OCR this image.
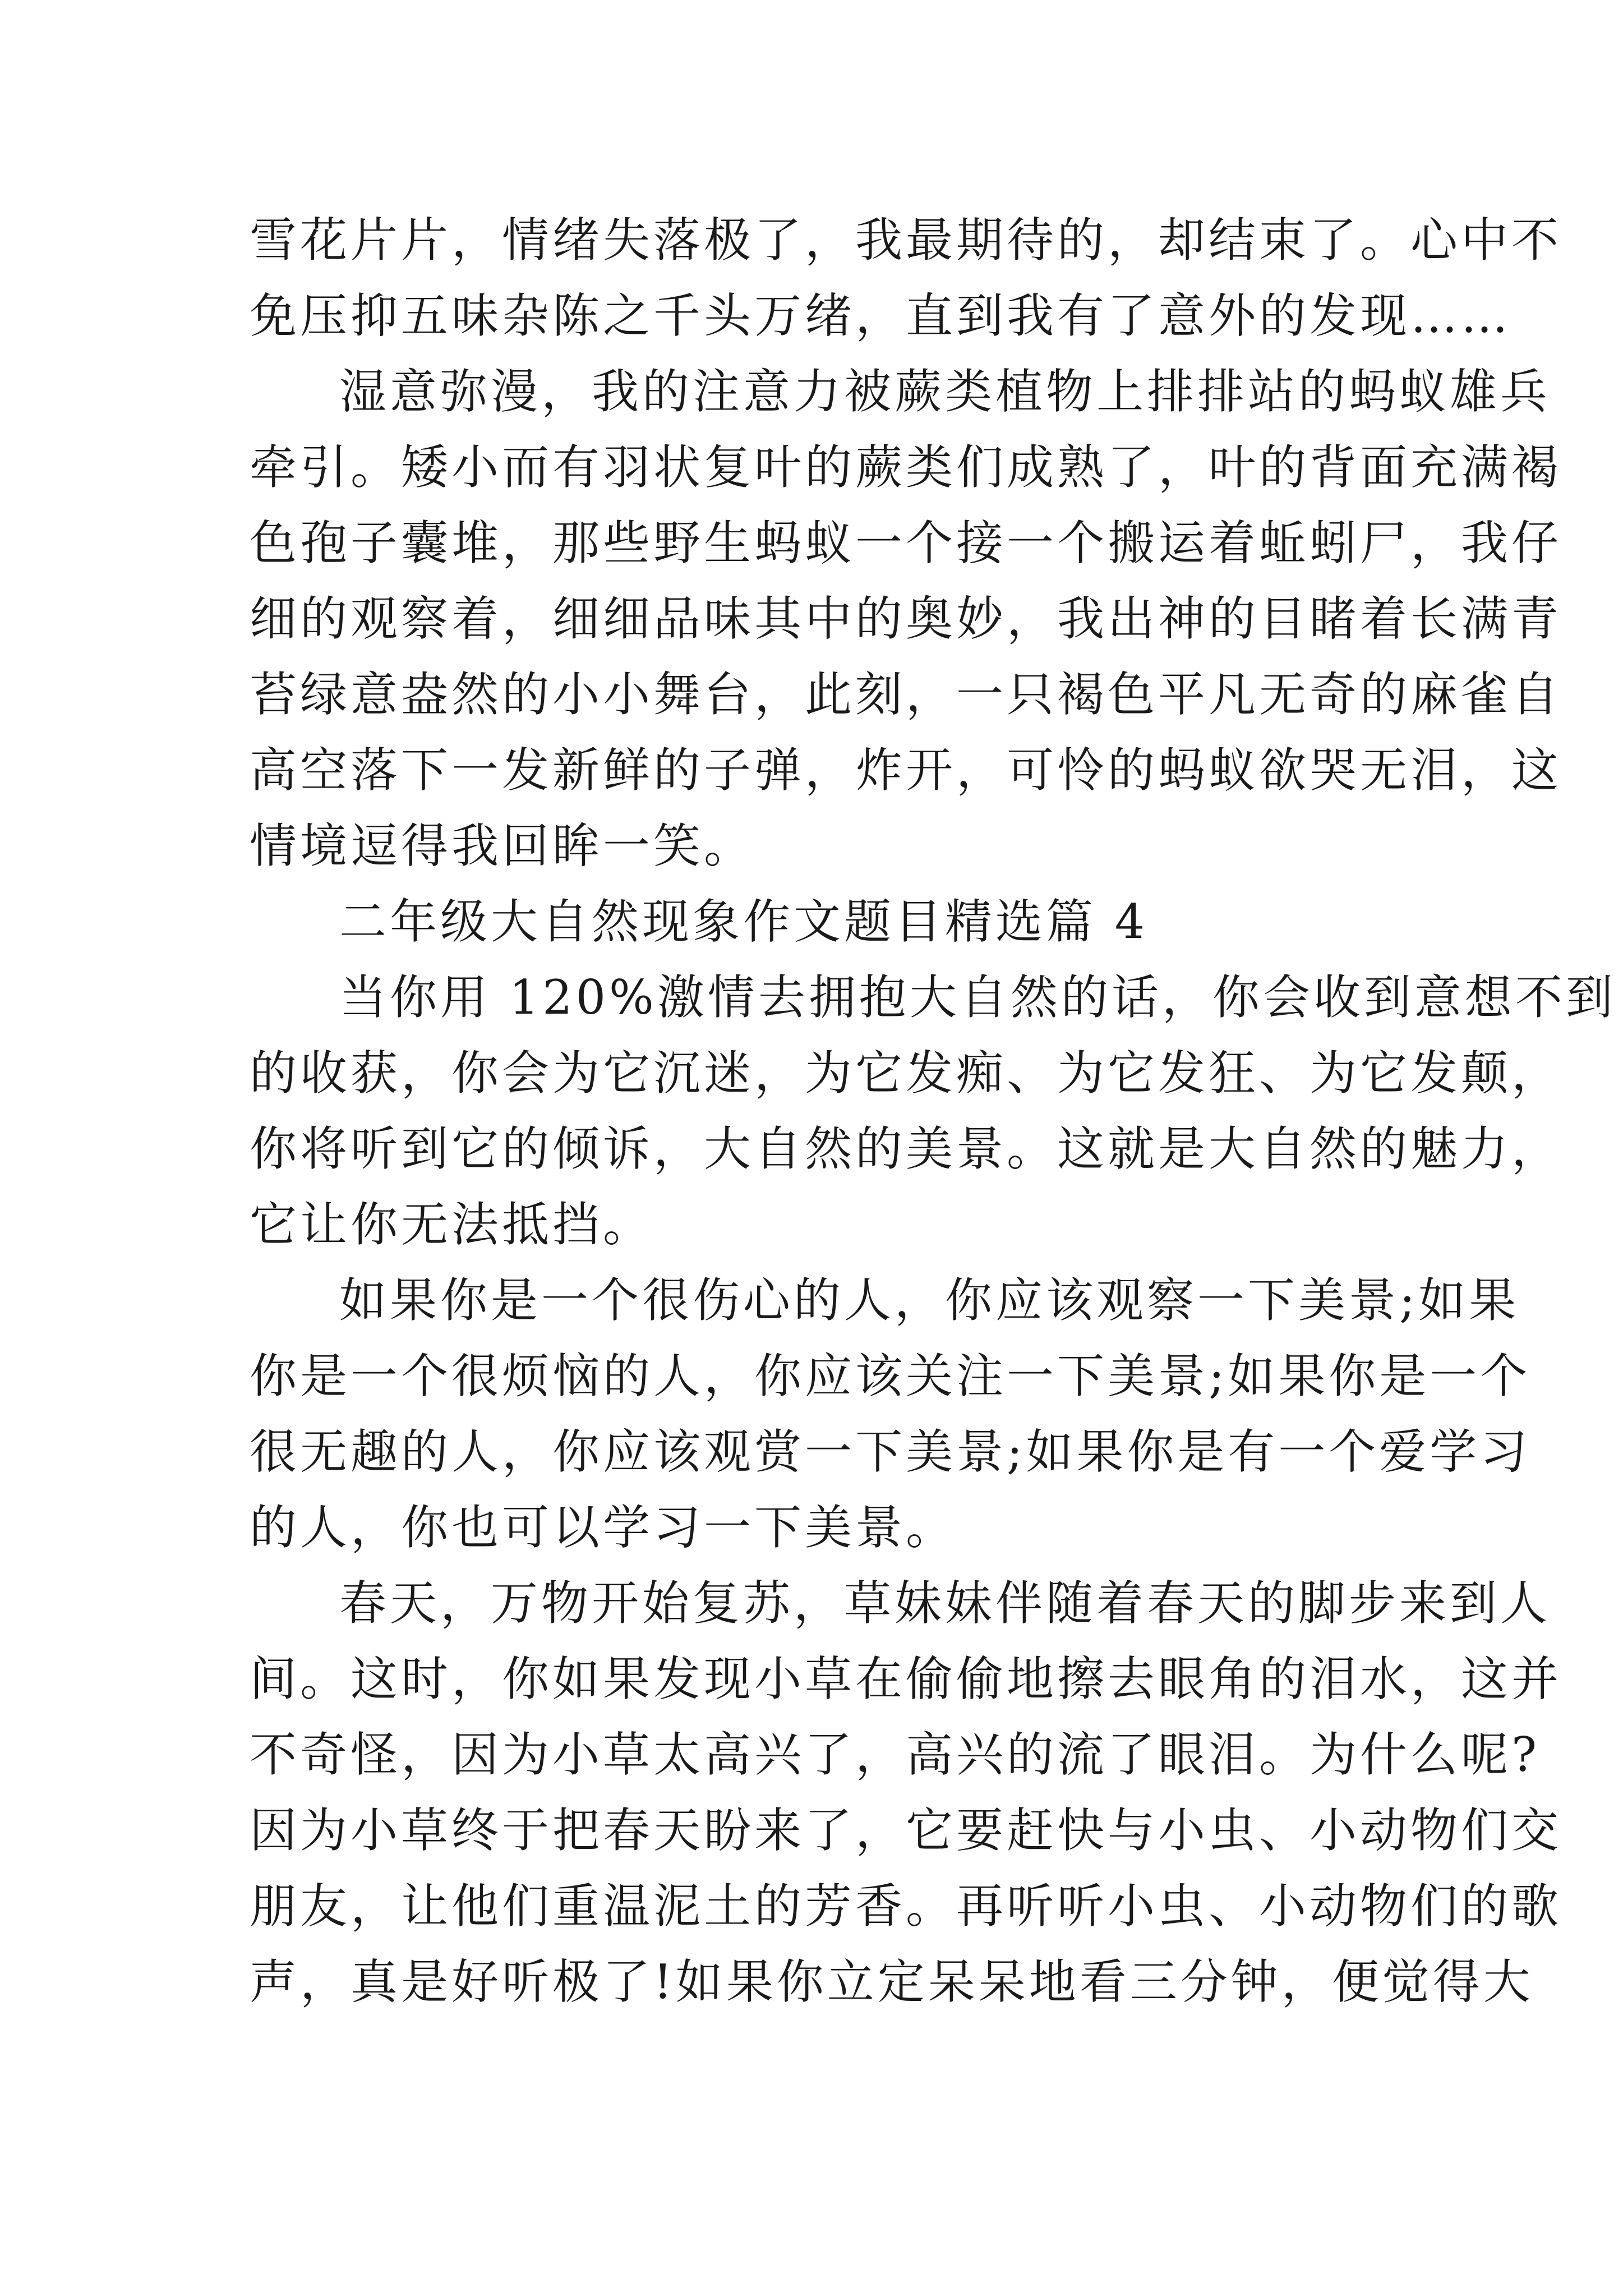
雪花片片，情绪失落极了，我最期待的，却结束了。心中不
免压抑五味杂陈之千头万绪，直到我有了意外的发现……
湿意弥漫，我的注意力被蕨类植物上排排站的蚂蚁雄兵
牵引。矮小而有羽状复叶的蕨类们成熟了，叶的背面充满褐
色孢子囊堆，那些野生蚂蚁一个接一个搬运着蚯蚓尸，我仔
细的观察着，细细品味其中的奥妙，我出神的目睹着长满青
苔绿意盎然的小小舞台，此刻，一只褐色平凡无奇的麻雀自
高空落下一发新鲜的子弹，炸开，可怜的蚂蚁欲哭无泪，这
情境逗得我回眸一笑。
二年级大自然现象作文题目精选篇 4
当你用 120%激情去拥抱大自然的话，你会收到意想不到
的收获，你会为它沉迷，为它发痴、为它发狂、为它发颠，
你将听到它的倾诉，大自然的美景。这就是大自然的魅力，
它让你无法抵挡。
如果你是一个很伤心的人，你应该观察一下美景;如果
你是一个很烦恼的人，你应该关注一下美景;如果你是一个
很无趣的人，你应该观赏一下美景;如果你是有一个爱学习
的人，你也可以学习一下美景。
春天，万物开始复苏，草妹妹伴随着春天的脚步来到人
间。这时，你如果发现小草在偷偷地擦去眼角的泪水，这并
不奇怪，因为小草太高兴了，高兴的流了眼泪。为什么呢?
因为小草终于把春天盼来了，它要赶快与小虫、小动物们交
朋友，让他们重温泥土的芳香。再听听小虫、小动物们的歌
声，真是好听极了!如果你立定呆呆地看三分钟，便觉得大
